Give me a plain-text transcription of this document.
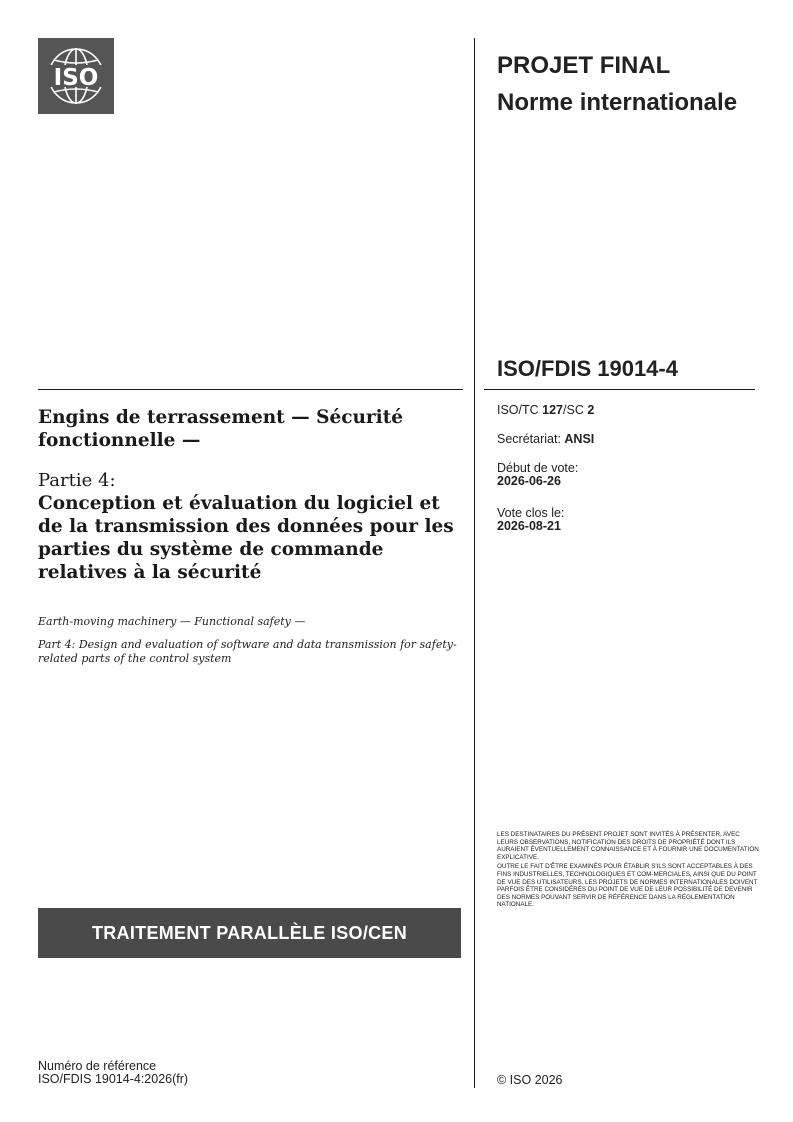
ISO	PROJET FINAL
Norme internationale
ISO/FDIS 19014-4
ISO/TC 127/SC 2
Secrétariat: ANSI
Début de vote:
2026-06-26
Vote clos le:
2026-08-21
Engins de terrassement — Sécurité fonctionnelle —
Partie 4:
Conception et évaluation du logiciel et de la transmission des données pour les parties du système de commande relatives à la sécurité
Earth-moving machinery — Functional safety —
Part 4: Design and evaluation of software and data transmission for safety-related parts of the control system
TRAITEMENT PARALLÈLE ISO/CEN

LES DESTINATAIRES DU PRÉSENT PROJET SONT INVITÉS À PRÉSENTER, AVEC LEURS OBSERVATIONS, NOTIFICATION DES DROITS DE PROPRIÉTÉ DONT ILS AURAIENT ÉVENTUELLEMENT CONNAISSANCE ET À FOURNIR UNE DOCUMENTATION EXPLICATIVE.

OUTRE LE FAIT D'ÊTRE EXAMINÉS POUR ÉTABLIR S'ILS SONT ACCEPTABLES À DES FINS INDUSTRIELLES, TECHNOLOGIQUES ET COM-MERCIALES, AINSI QUE DU POINT DE VUE DES UTILISATEURS, LES PROJETS DE NORMES INTERNATIONALES DOIVENT PARFOIS ÊTRE CONSIDÉRÉS DU POINT DE VUE DE LEUR POSSIBILITÉ DE DEVENIR DES NORMES POUVANT SERVIR DE RÉFÉRENCE DANS LA RÉGLEMENTATION NATIONALE.

Numéro de référence
ISO/FDIS 19014-4:2026(fr)	© ISO 2026
